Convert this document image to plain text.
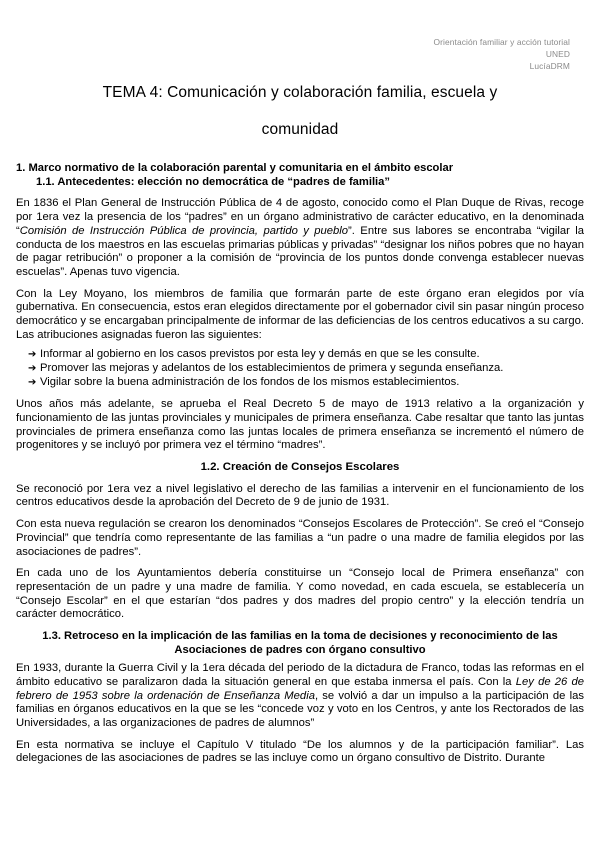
Orientación familiar y acción tutorial
UNED
LucíaDRM
TEMA 4: Comunicación y colaboración familia, escuela y
comunidad
1. Marco normativo de la colaboración parental y comunitaria en el ámbito escolar
1.1. Antecedentes: elección no democrática de “padres de familia”

En 1836 el Plan General de Instrucción Pública de 4 de agosto, conocido como el Plan Duque de Rivas, recoge por 1era vez la presencia de los “padres” en un órgano administrativo de carácter educativo, en la denominada “Comisión de Instrucción Pública de provincia, partido y pueblo”. Entre sus labores se encontraba “vigilar la conducta de los maestros en las escuelas primarias públicas y privadas” “designar los niños pobres que no hayan de pagar retribución” o proponer a la comisión de “provincia de los puntos donde convenga establecer nuevas escuelas”. Apenas tuvo vigencia.

Con la Ley Moyano, los miembros de familia que formarán parte de este órgano eran elegidos por vía gubernativa. En consecuencia, estos eran elegidos directamente por el gobernador civil sin pasar ningún proceso democrático y se encargaban principalmente de informar de las deficiencias de los centros educativos a su cargo. Las atribuciones asignadas fueron las siguientes:

➔ Informar al gobierno en los casos previstos por esta ley y demás en que se les consulte.
➔ Promover las mejoras y adelantos de los establecimientos de primera y segunda enseñanza.
➔ Vigilar sobre la buena administración de los fondos de los mismos establecimientos.

Unos años más adelante, se aprueba el Real Decreto 5 de mayo de 1913 relativo a la organización y funcionamiento de las juntas provinciales y municipales de primera enseñanza. Cabe resaltar que tanto las juntas provinciales de primera enseñanza como las juntas locales de primera enseñanza se incrementó el número de progenitores y se incluyó por primera vez el término “madres”.

1.2. Creación de Consejos Escolares

Se reconoció por 1era vez a nivel legislativo el derecho de las familias a intervenir en el funcionamiento de los centros educativos desde la aprobación del Decreto de 9 de junio de 1931.

Con esta nueva regulación se crearon los denominados “Consejos Escolares de Protección”. Se creó el “Consejo Provincial” que tendría como representante de las familias a “un padre o una madre de familia elegidos por las asociaciones de padres”.

En cada uno de los Ayuntamientos debería constituirse un “Consejo local de Primera enseñanza” con representación de un padre y una madre de familia. Y como novedad, en cada escuela, se establecería un “Consejo Escolar” en el que estarían “dos padres y dos madres del propio centro” y la elección tendría un carácter democrático.

1.3. Retroceso en la implicación de las familias en la toma de decisiones y reconocimiento de las
Asociaciones de padres con órgano consultivo

En 1933, durante la Guerra Civil y la 1era década del periodo de la dictadura de Franco, todas las reformas en el ámbito educativo se paralizaron dada la situación general en que estaba inmersa el país. Con la Ley de 26 de febrero de 1953 sobre la ordenación de Enseñanza Media, se volvió a dar un impulso a la participación de las familias en órganos educativos en la que se les “concede voz y voto en los Centros, y ante los Rectorados de las Universidades, a las organizaciones de padres de alumnos”

En esta normativa se incluye el Capítulo V titulado “De los alumnos y de la participación familiar”. Las delegaciones de las asociaciones de padres se las incluye como un órgano consultivo de Distrito. Durante
